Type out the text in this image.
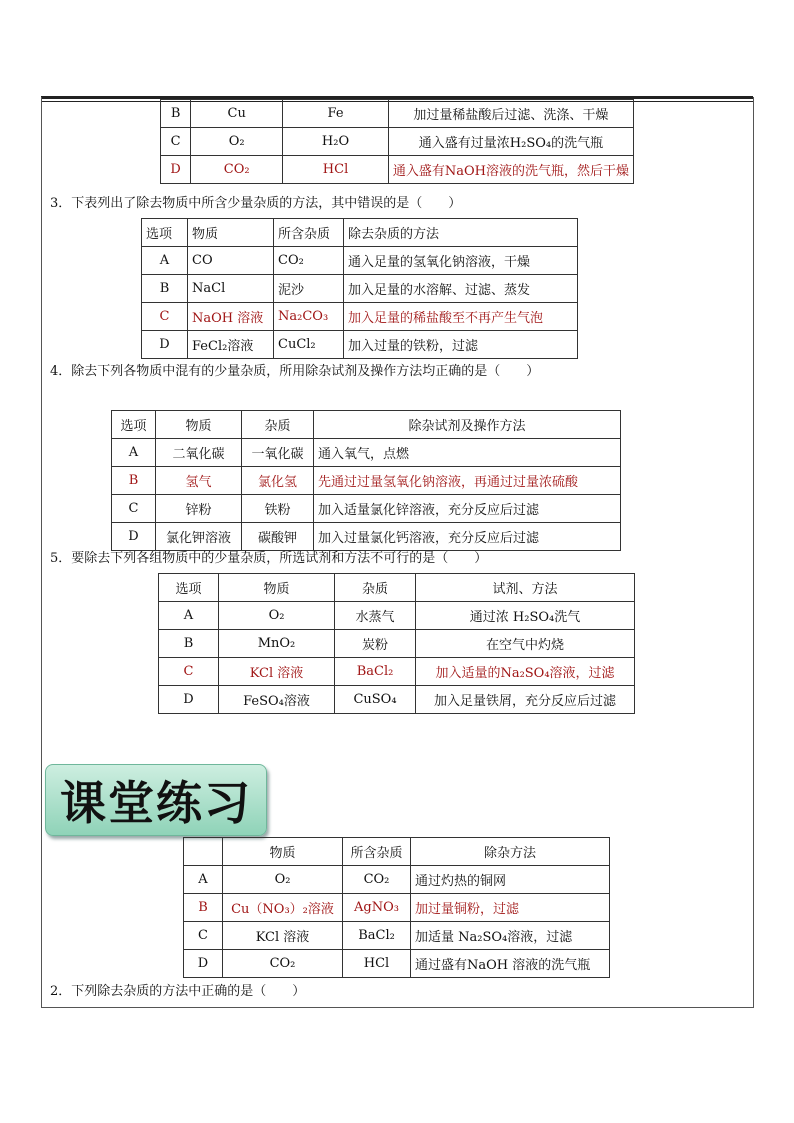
B	Cu	Fe	加过量稀盐酸后过滤、洗涤、干燥
C	O₂	H₂O	通入盛有过量浓H₂SO₄的洗气瓶
D	CO₂	HCl	通入盛有NaOH溶液的洗气瓶，然后干燥
3．下表列出了除去物质中所含少量杂质的方法，其中错误的是（　　）
选项	物质	所含杂质	除去杂质的方法
A	CO	CO₂	通入足量的氢氧化钠溶液，干燥
B	NaCl	泥沙	加入足量的水溶解、过滤、蒸发
C	NaOH 溶液	Na₂CO₃	加入足量的稀盐酸至不再产生气泡
D	FeCl₂溶液	CuCl₂	加入过量的铁粉，过滤
4．除去下列各物质中混有的少量杂质，所用除杂试剂及操作方法均正确的是（　　）
选项	物质	杂质	除杂试剂及操作方法
A	二氧化碳	一氧化碳	通入氧气，点燃
B	氢气	氯化氢	先通过过量氢氧化钠溶液，再通过过量浓硫酸
C	锌粉	铁粉	加入适量氯化锌溶液，充分反应后过滤
D	氯化钾溶液	碳酸钾	加入过量氯化钙溶液，充分反应后过滤
5．要除去下列各组物质中的少量杂质，所选试剂和方法不可行的是（　　）
选项	物质	杂质	试剂、方法
A	O₂	水蒸气	通过浓 H₂SO₄洗气
B	MnO₂	炭粉	在空气中灼烧
C	KCl 溶液	BaCl₂	加入适量的Na₂SO₄溶液，过滤
D	FeSO₄溶液	CuSO₄	加入足量铁屑，充分反应后过滤
课堂练习
	物质	所含杂质	除杂方法
A	O₂	CO₂	通过灼热的铜网
B	Cu（NO₃）₂溶液	AgNO₃	加过量铜粉，过滤
C	KCl 溶液	BaCl₂	加适量 Na₂SO₄溶液，过滤
D	CO₂	HCl	通过盛有NaOH 溶液的洗气瓶
2．下列除去杂质的方法中正确的是（　　）
